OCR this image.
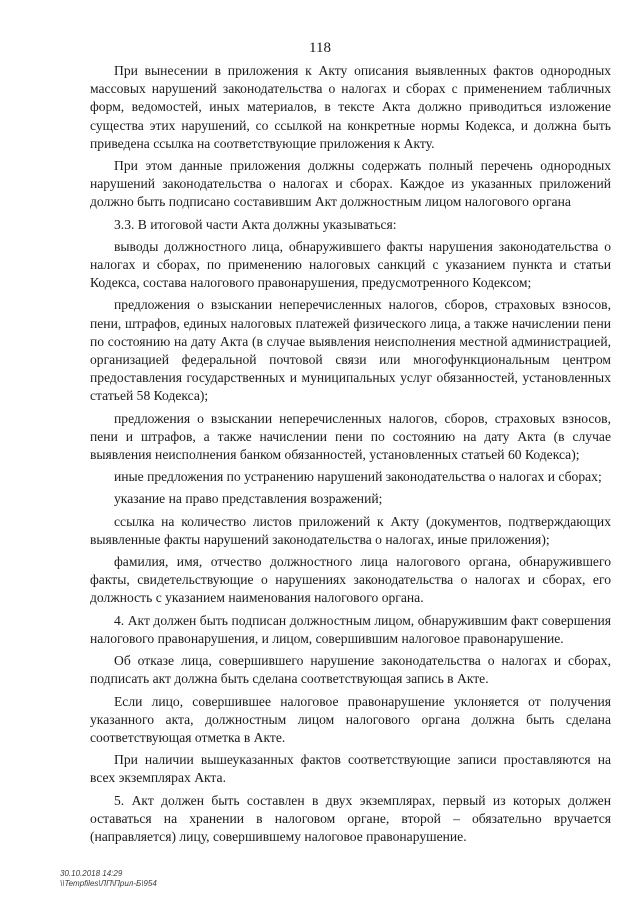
118

При вынесении в приложения к Акту описания выявленных фактов однородных массовых нарушений законодательства о налогах и сборах с применением табличных форм, ведомостей, иных материалов, в тексте Акта должно приводиться изложение существа этих нарушений, со ссылкой на конкретные нормы Кодекса, и должна быть приведена ссылка на соответствующие приложения к Акту.

При этом данные приложения должны содержать полный перечень однородных нарушений законодательства о налогах и сборах. Каждое из указанных приложений должно быть подписано составившим Акт должностным лицом налогового органа

3.3. В итоговой части Акта должны указываться:

выводы должностного лица, обнаружившего факты нарушения законодательства о налогах и сборах, по применению налоговых санкций с указанием пункта и статьи Кодекса, состава налогового правонарушения, предусмотренного Кодексом;

предложения о взыскании неперечисленных налогов, сборов, страховых взносов, пени, штрафов, единых налоговых платежей физического лица, а также начислении пени по состоянию на дату Акта (в случае выявления неисполнения местной администрацией, организацией федеральной почтовой связи или многофункциональным центром предоставления государственных и муниципальных услуг обязанностей, установленных статьей 58 Кодекса);

предложения о взыскании неперечисленных налогов, сборов, страховых взносов, пени и штрафов, а также начислении пени по состоянию на дату Акта (в случае выявления неисполнения банком обязанностей, установленных статьей 60 Кодекса);

иные предложения по устранению нарушений законодательства о налогах и сборах;

указание на право представления возражений;

ссылка на количество листов приложений к Акту (документов, подтверждающих выявленные факты нарушений законодательства о налогах, иные приложения);

фамилия, имя, отчество должностного лица налогового органа, обнаружившего факты, свидетельствующие о нарушениях законодательства о налогах и сборах, его должность с указанием наименования налогового органа.

4. Акт должен быть подписан должностным лицом, обнаружившим факт совершения налогового правонарушения, и лицом, совершившим налоговое правонарушение.

Об отказе лица, совершившего нарушение законодательства о налогах и сборах, подписать акт должна быть сделана соответствующая запись в Акте.

Если лицо, совершившее налоговое правонарушение уклоняется от получения указанного акта, должностным лицом налогового органа должна быть сделана соответствующая отметка в Акте.

При наличии вышеуказанных фактов соответствующие записи проставляются на всех экземплярах Акта.

5. Акт должен быть составлен в двух экземплярах, первый из которых должен оставаться на хранении в налоговом органе, второй – обязательно вручается (направляется) лицу, совершившему налоговое правонарушение.

30.10.2018 14:29
\\Tempfiles\ЛП\Прил-Б\954
